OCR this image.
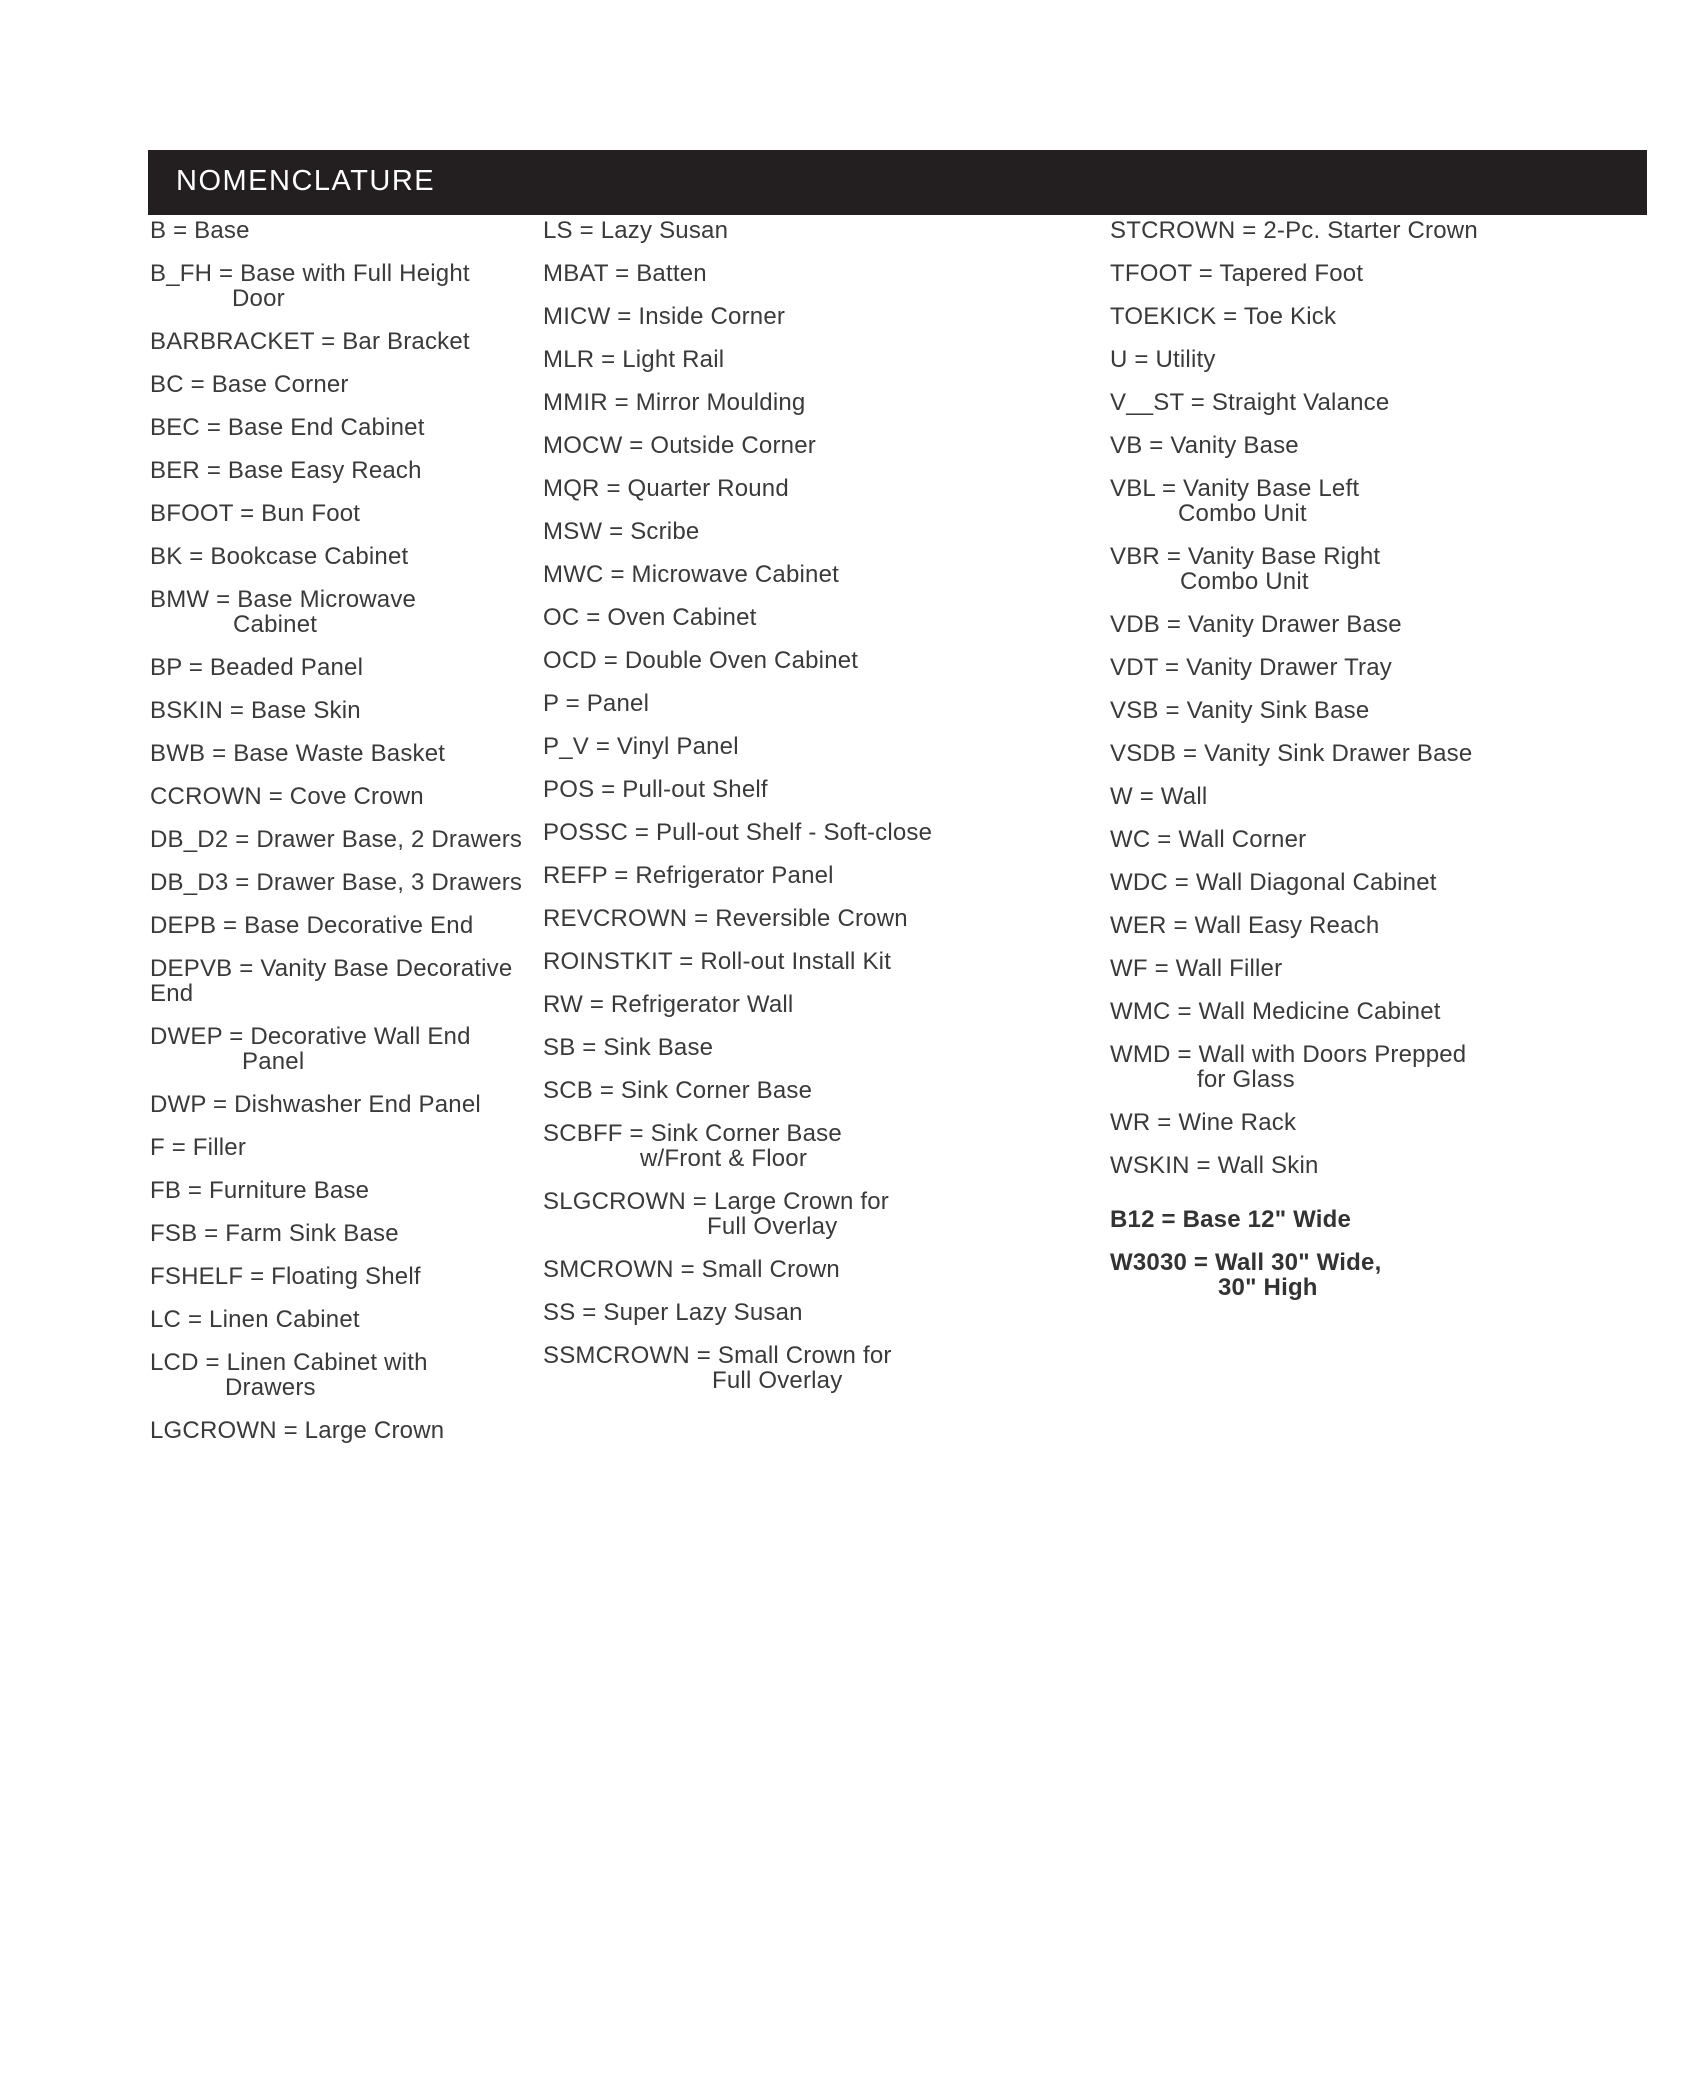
NOMENCLATURE
B = Base
B_FH = Base with Full Height
Door
BARBRACKET = Bar Bracket
BC = Base Corner
BEC = Base End Cabinet
BER = Base Easy Reach
BFOOT = Bun Foot
BK = Bookcase Cabinet
BMW = Base Microwave
Cabinet
BP = Beaded Panel
BSKIN = Base Skin
BWB = Base Waste Basket
CCROWN = Cove Crown
DB_D2 = Drawer Base, 2 Drawers
DB_D3 = Drawer Base, 3 Drawers
DEPB = Base Decorative End
DEPVB = Vanity Base Decorative
End
DWEP = Decorative Wall End
Panel
DWP = Dishwasher End Panel
F = Filler
FB = Furniture Base
FSB = Farm Sink Base
FSHELF = Floating Shelf
LC = Linen Cabinet
LCD = Linen Cabinet with
Drawers
LGCROWN = Large Crown
LS = Lazy Susan
MBAT = Batten
MICW = Inside Corner
MLR = Light Rail
MMIR = Mirror Moulding
MOCW = Outside Corner
MQR = Quarter Round
MSW = Scribe
MWC = Microwave Cabinet
OC = Oven Cabinet
OCD = Double Oven Cabinet
P = Panel
P_V = Vinyl Panel
POS = Pull-out Shelf
POSSC = Pull-out Shelf - Soft-close
REFP = Refrigerator Panel
REVCROWN = Reversible Crown
ROINSTKIT = Roll-out Install Kit
RW = Refrigerator Wall
SB = Sink Base
SCB = Sink Corner Base
SCBFF = Sink Corner Base
w/Front & Floor
SLGCROWN = Large Crown for
Full Overlay
SMCROWN = Small Crown
SS = Super Lazy Susan
SSMCROWN = Small Crown for
Full Overlay
STCROWN = 2-Pc. Starter Crown
TFOOT = Tapered Foot
TOEKICK = Toe Kick
U = Utility
V__ST = Straight Valance
VB = Vanity Base
VBL = Vanity Base Left
Combo Unit
VBR = Vanity Base Right
Combo Unit
VDB = Vanity Drawer Base
VDT = Vanity Drawer Tray
VSB = Vanity Sink Base
VSDB = Vanity Sink Drawer Base
W = Wall
WC = Wall Corner
WDC = Wall Diagonal Cabinet
WER = Wall Easy Reach
WF = Wall Filler
WMC = Wall Medicine Cabinet
WMD = Wall with Doors Prepped
for Glass
WR = Wine Rack
WSKIN = Wall Skin
B12 = Base 12" Wide
W3030 = Wall 30" Wide,
30" High
